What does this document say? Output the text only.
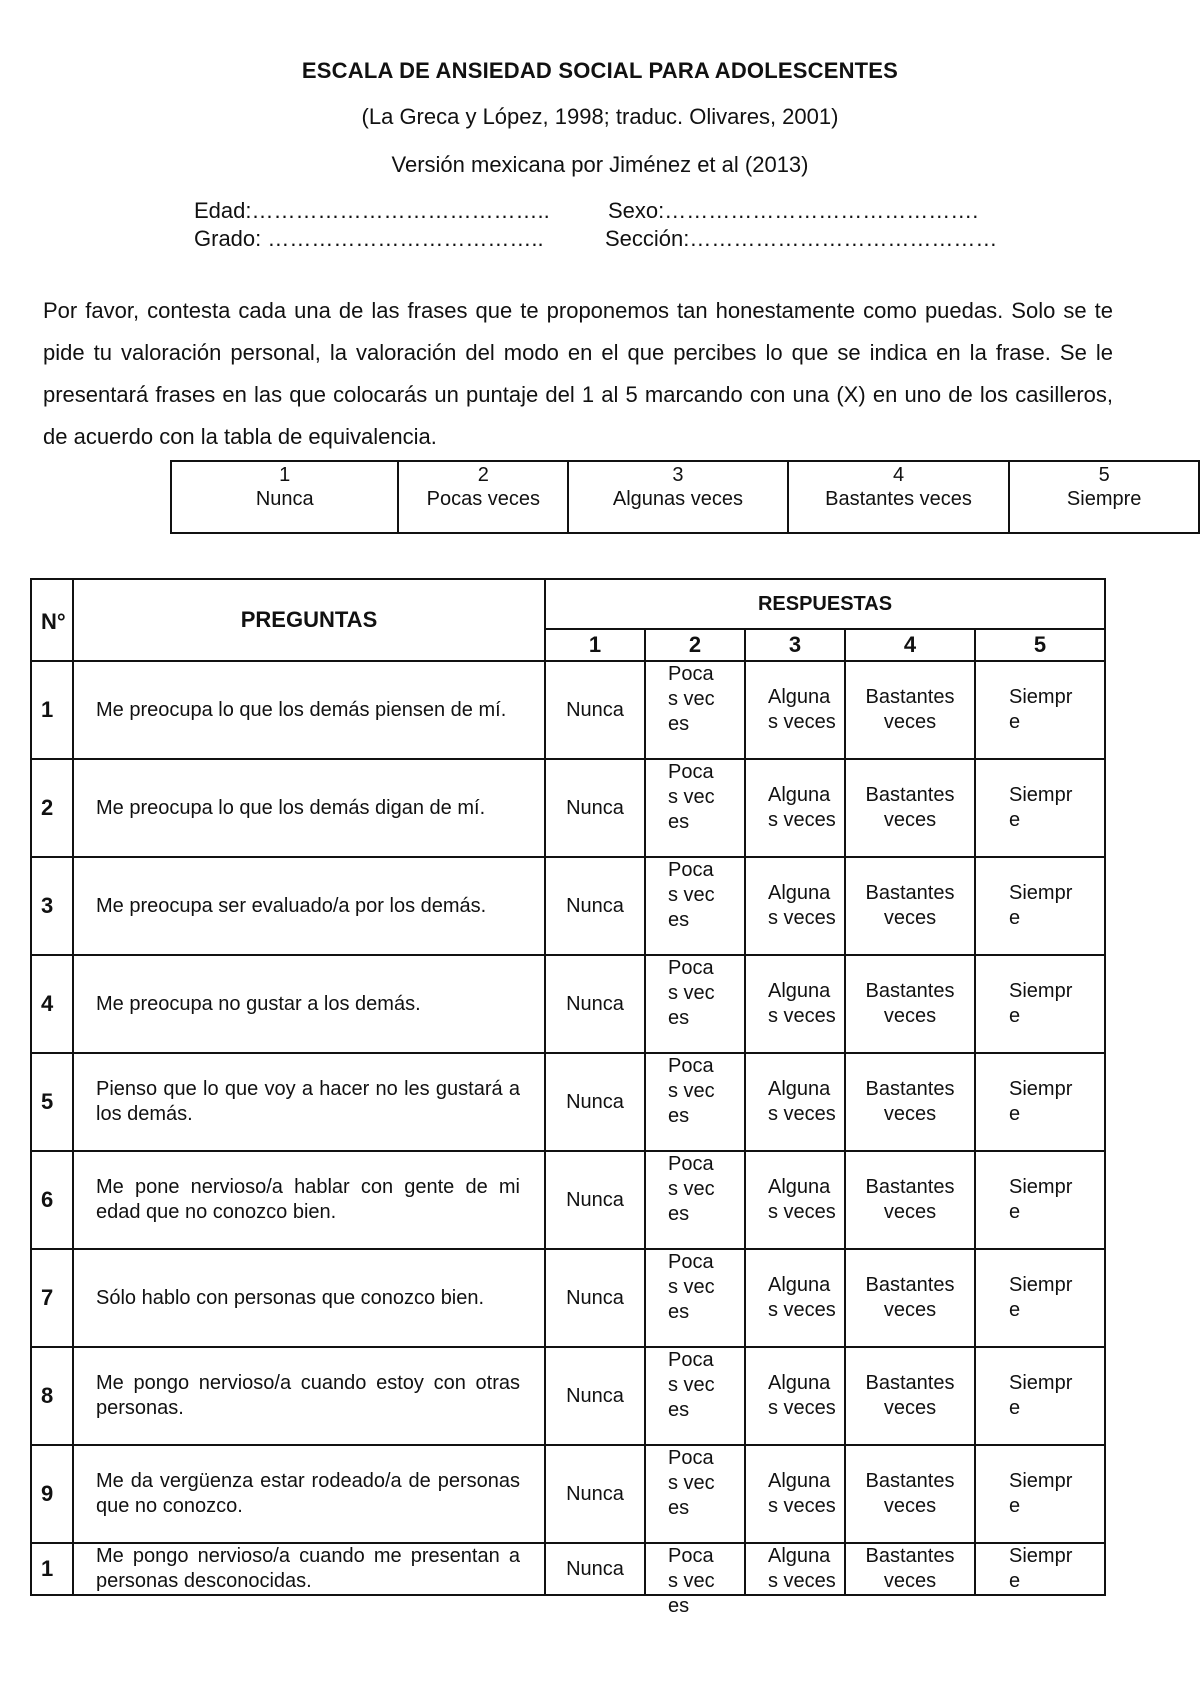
ESCALA DE ANSIEDAD SOCIAL PARA ADOLESCENTES
(La Greca y López, 1998; traduc. Olivares, 2001)
Versión mexicana por Jiménez et al (2013)
Edad:…………………………………..	Sexo:…………………………………….
Grado: ………………………………..	Sección:……………………………………

Por favor, contesta cada una de las frases que te proponemos tan honestamente como puedas. Solo se te pide tu valoración personal, la valoración del modo en el que percibes lo que se indica en la frase. Se le presentará frases en las que colocarás un puntaje del 1 al 5 marcando con una (X) en uno de los casilleros, de acuerdo con la tabla de equivalencia.

1	2	3	4	5
Nunca	Pocas veces	Algunas veces	Bastantes veces	Siempre
N°	PREGUNTAS	RESPUESTAS				
		1	2	3	4	5
1	Me preocupa lo que los demás piensen de mí.	Nunca	Pocas veces	Algunas veces	Bastantes veces	Siempre

2	Me preocupa lo que los demás digan de mí.	Nunca	Pocas veces	Algunas veces	Bastantes veces	Siempre

3	Me preocupa ser evaluado/a por los demás.	Nunca	Pocas veces	Algunas veces	Bastantes veces	Siempre

4	Me preocupa no gustar a los demás.	Nunca	Pocas veces	Algunas veces	Bastantes veces	Siempre

5	Pienso que lo que voy a hacer no les gustará a los demás.	Nunca	Pocas veces	Algunas veces	Bastantes veces	Siempre

6	Me pone nervioso/a hablar con gente de mi edad que no conozco bien.	Nunca	Pocas veces	Algunas veces	Bastantes veces	Siempre

7	Sólo hablo con personas que conozco bien.	Nunca	Pocas veces	Algunas veces	Bastantes veces	Siempre

8	Me pongo nervioso/a cuando estoy con otras personas.	Nunca	Pocas veces	Algunas veces	Bastantes veces	Siempre

9	Me da vergüenza estar rodeado/a de personas que no conozco.	Nunca	Pocas veces	Algunas veces	Bastantes veces	Siempre

1	Me pongo nervioso/a cuando me presentan a personas desconocidas.	Nunca	Pocas veces	Algunas veces	Bastantes veces	Siempre
